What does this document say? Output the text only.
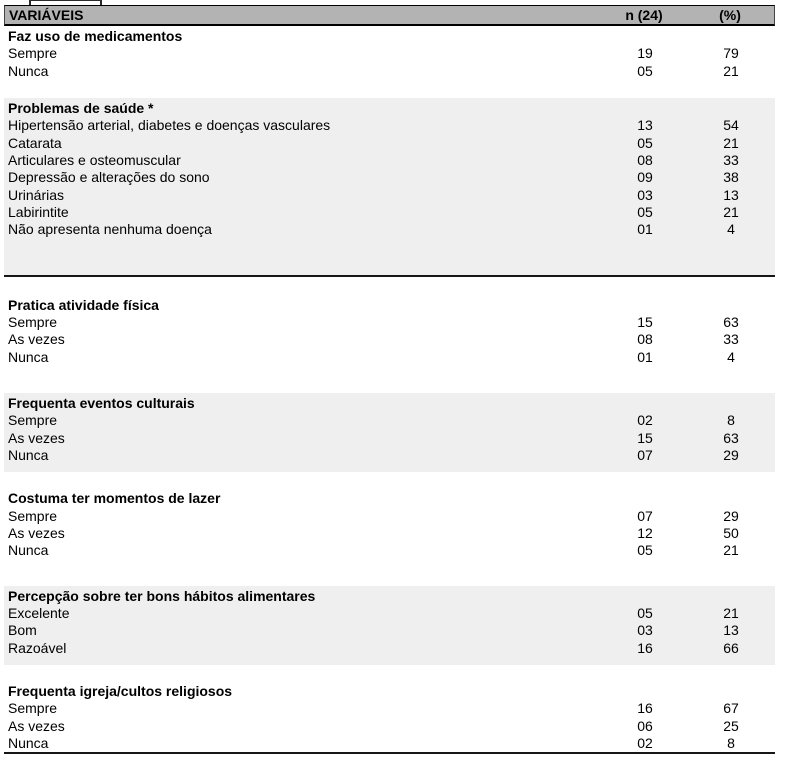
VARIÁVEIS	n (24)	(%)
Faz uso de medicamentos
Sempre	19	79
Nunca	05	21
Problemas de saúde *
Hipertensão arterial, diabetes e doenças vasculares	13	54
Catarata	05	21
Articulares e osteomuscular	08	33
Depressão e alterações do sono	09	38
Urinárias	03	13
Labirintite	05	21
Não apresenta nenhuma doença	01	4
Pratica atividade física
Sempre	15	63
As vezes	08	33
Nunca	01	4
Frequenta eventos culturais
Sempre	02	8
As vezes	15	63
Nunca	07	29
Costuma ter momentos de lazer
Sempre	07	29
As vezes	12	50
Nunca	05	21
Percepção sobre ter bons hábitos alimentares
Excelente	05	21
Bom	03	13
Razoável	16	66
Frequenta igreja/cultos religiosos
Sempre	16	67
As vezes	06	25
Nunca	02	8
